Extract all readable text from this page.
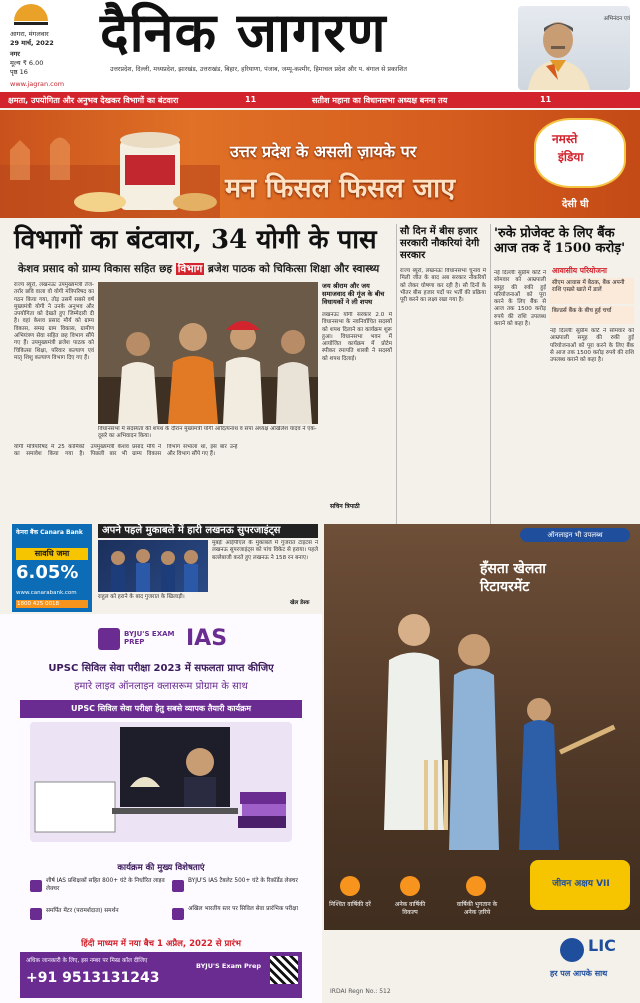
आगरा, मंगलवार
29 मार्च, 2022
नगर
मूल्य ₹ 6.00
पृष्ठ 16
www.jagran.com
दैनिक जागरण
उत्तरप्रदेश, दिल्ली, मध्यप्रदेश, झारखंड, उत्तराखंड, बिहार, हरियाणा, पंजाब, जम्मू-कश्मीर, हिमाचल प्रदेश और प. बंगाल से प्रकाशित
अभिनंदन एवं
क्षमता, उपयोगिता और अनुभव देखकर विभागों का बंटवारा	11	सतीश महाना का विधानसभा अध्यक्ष बनना तय	11
उत्तर प्रदेश के असली ज़ायके पर
मन फिसल फिसल जाए
नमस्ते
इंडिया
देसी घी
विभागों का बंटवारा, 34 योगी के पास
केशव प्रसाद को ग्राम्य विकास सहित छह विभाग ब्रजेश पाठक को चिकित्सा शिक्षा और स्वास्थ्य
राज्य ब्यूरो, लखनऊः उपमुख्यमंत्री तेज-तर्रार छवि वाला वो योगी मंत्रिपरिषद का गठन किया गया, तोड़ उसमें सबसे वर्ष मुख्यमंत्री योगी ने उनके अनुभव और उपयोगिता को देखते हुए जिम्मेदारी दी है। वहां केशव प्रसाद मौर्य को ग्राम्य विकास, समग्र ग्राम विकास, ग्रामीण अभियंत्रण सेवा सहित छह विभाग सौंपे गए हैं। उपमुख्यमंत्री ब्रजेश पाठक को चिकित्सा शिक्षा, परिवार कल्याण एवं मातृ शिशु कल्याण विभाग दिए गए हैं।
विधानसभा में सदस्यता की शपथ के दौरान मुख्यमंत्री योगी आदित्यनाथ व सपा अध्यक्ष अखिलेश यादव ने एक-दूसरे का अभिवादन किया।
जय श्रीराम और जय समाजवाद की गूंज के बीच विधायकों ने ली शपथ
लखनऊः योगी सरकार 2.0 में विधानसभा के नवनिर्वाचित सदस्यों को शपथ दिलाने का कार्यक्रम शुरू हुआ। विधानसभा भवन में आयोजित कार्यक्रम में प्रोटेम स्पीकर रमापति शास्त्री ने सदस्यों को शपथ दिलाई।
योगी मंत्रिपरिषद में 25 कार्मिकों का समावेश किया गया है। उपमुख्यमंत्री केशव प्रसाद मौर्य ने पिछली बार भी ग्राम्य विकास विभाग संभाला था, इस बार उन्हें और विभाग सौंपे गए हैं।
सचिन त्रिपाठी
सौ दिन में बीस हजार सरकारी नौकरियां देगी सरकार
राज्य ब्यूरो, लखनऊः विधानसभा चुनाव में मिली जीत के बाद अब सरकार नौकरियों को लेकर घोषणा कर रही है। सौ दिनों के भीतर बीस हजार पदों पर भर्ती की प्रक्रिया पूरी करने का लक्ष्य रखा गया है।
'रुके प्रोजेक्ट के लिए बैंक आज तक दें 1500 करोड़'
आवासीय परियोजना
सीएम आवास में बैठक, बैंक अपनी राशि एस्क्रो खाते में डालें
बिल्डर्स बैंक के बीच हुई चर्चा
नई दिल्लीः सुप्रीम कोर्ट ने सोमवार को आम्रपाली समूह की रुकी हुई परियोजनाओं को पूरा करने के लिए बैंक से आज तक 1500 करोड़ रुपये की राशि उपलब्ध कराने को कहा है।
नई दिल्लीः सुप्रीम कोर्ट ने सोमवार को आम्रपाली समूह की रुकी हुई परियोजनाओं को पूरा करने के लिए बैंक से आज तक 1500 करोड़ रुपये की राशि उपलब्ध कराने को कहा है।
अपने पहले मुकाबले में हारी लखनऊ सुपरजाइंट्स
राहुल को हराने के बाद गुजरात के खिलाड़ी।
मुंबईः आईपीएल के मुकाबले में गुजरात टाइटंस ने लखनऊ सुपरजाइंट्स को पांच विकेट से हराया। पहले बल्लेबाजी करते हुए लखनऊ ने 158 रन बनाए।
खेल डेस्क
केनरा बैंक Canara Bank
सावधि जमा
6.05%
www.canarabank.com
1800 425 0018
BYJU'S EXAM PREP	IAS
UPSC सिविल सेवा परीक्षा 2023 में सफलता प्राप्त कीजिए
हमारे लाइव ऑनलाइन क्लासरूम प्रोग्राम के साथ
UPSC सिविल सेवा परीक्षा हेतु सबसे व्यापक तैयारी कार्यक्रम
कार्यक्रम की मुख्य विशेषताएं
शीर्ष IAS प्रशिक्षकों सहित 800+ घंटे के निर्धारित लाइव लेक्चर
BYJU'S IAS टैबलेट 500+ घंटे के रिकॉर्डेड लेक्चर
समर्पित मेंटर (परामर्शदाता) समर्थन	अखिल भारतीय स्तर पर सिविल सेवा प्रारंभिक परीक्षा
हिंदी माध्यम में नया बैच 1 अप्रैल, 2022 से प्रारंभ
अधिक जानकारी के लिए, इस नम्बर पर मिस्ड कॉल दीजिए
+91 9513131243
BYJU'S Exam Prep
ऑनलाइन भी उपलब्ध
हँसता खेलता रिटायरमेंट
निश्चित वार्षिकी दरें	अनेक वार्षिकी विकल्प
वार्षिकी भुगतान के अनेक ज़रिये
जीवन अक्षय VII
LIC
हर पल आपके साथ
IRDAI Regn No.: 512
